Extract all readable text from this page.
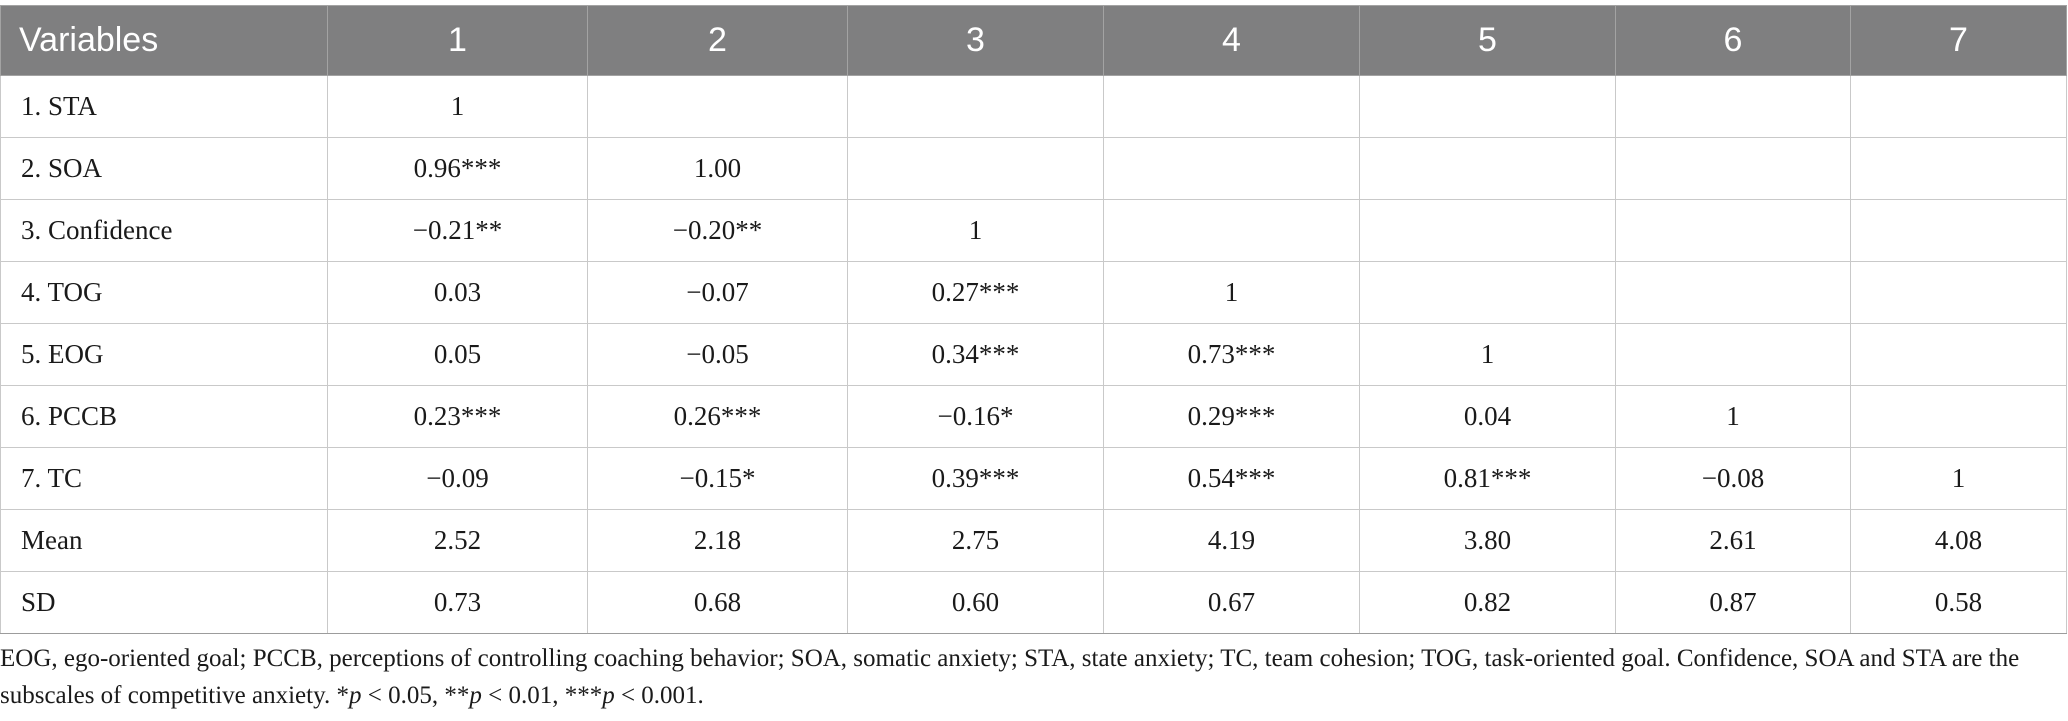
Variables	1	2	3	4	5	6	7
1. STA	1						
2. SOA	0.96***	1.00					
3. Confidence	−0.21**	−0.20**	1				
4. TOG	0.03	−0.07	0.27***	1			
5. EOG	0.05	−0.05	0.34***	0.73***	1		
6. PCCB	0.23***	0.26***	−0.16*	0.29***	0.04	1	
7. TC	−0.09	−0.15*	0.39***	0.54***	0.81***	−0.08	1
Mean	2.52	2.18	2.75	4.19	3.80	2.61	4.08
SD	0.73	0.68	0.60	0.67	0.82	0.87	0.58
EOG, ego-oriented goal; PCCB, perceptions of controlling coaching behavior; SOA, somatic anxiety; STA, state anxiety; TC, team cohesion; TOG, task-oriented goal. Confidence, SOA and STA are the subscales of competitive anxiety. *p < 0.05, **p < 0.01, ***p < 0.001.
